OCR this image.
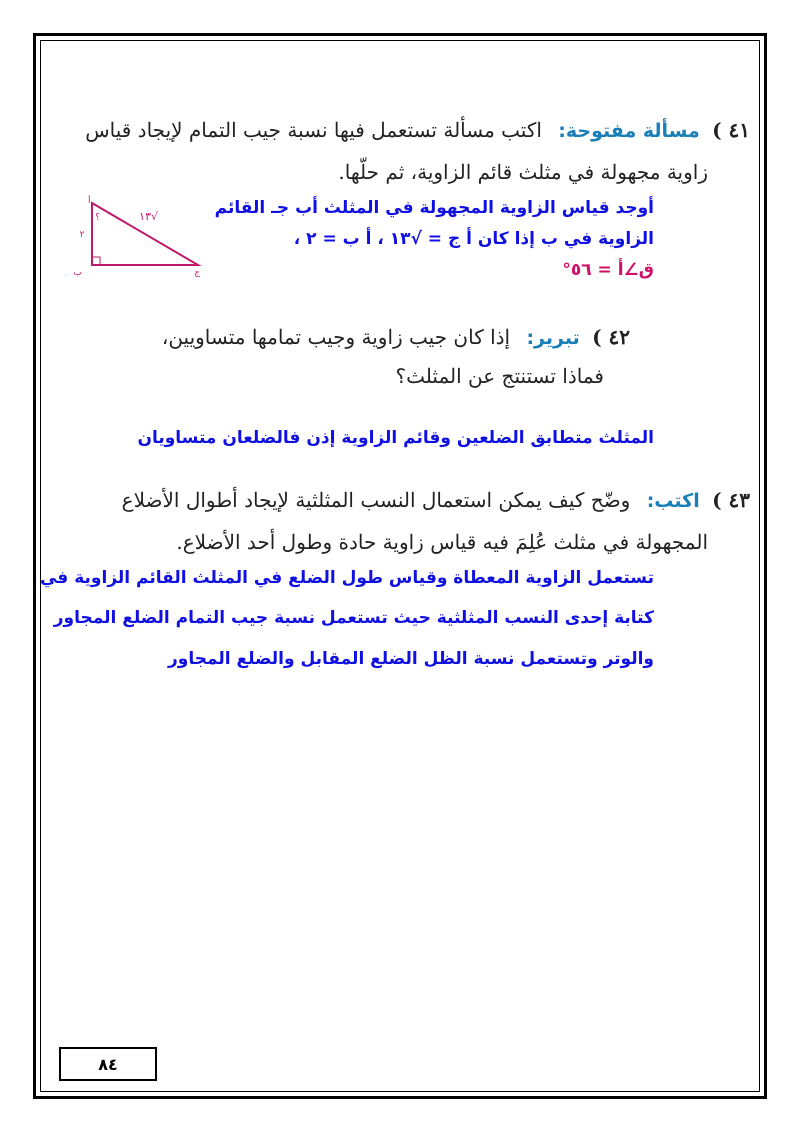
٤١ ) مسألة مفتوحة: اكتب مسألة تستعمل فيها نسبة جيب التمام لإيجاد قياس
زاوية مجهولة في مثلث قائم الزاوية، ثم حلّها.
أوجد قياس الزاوية المجهولة في المثلث أب جـ القائم
الزاوية في ب إذا كان أ ج = √١٣ ، أ ب = ٢ ،
ق∠أ = ٥٦°
أ
٢
؟	√١٣
ب	ج
٤٢ ) تبرير: إذا كان جيب زاوية وجيب تمامها متساويين،
فماذا تستنتج عن المثلث؟
المثلث متطابق الضلعين وقائم الزاوية إذن فالضلعان متساويان
٤٣ ) اكتب: وضّح كيف يمكن استعمال النسب المثلثية لإيجاد أطوال الأضلاع
المجهولة في مثلث عُلِمَ فيه قياس زاوية حادة وطول أحد الأضلاع.
تستعمل الزاوية المعطاة وقياس طول الضلع في المثلث القائم الزاوية في
كتابة إحدى النسب المثلثية حيث تستعمل نسبة جيب التمام الضلع المجاور
والوتر وتستعمل نسبة الظل الضلع المقابل والضلع المجاور
٨٤
